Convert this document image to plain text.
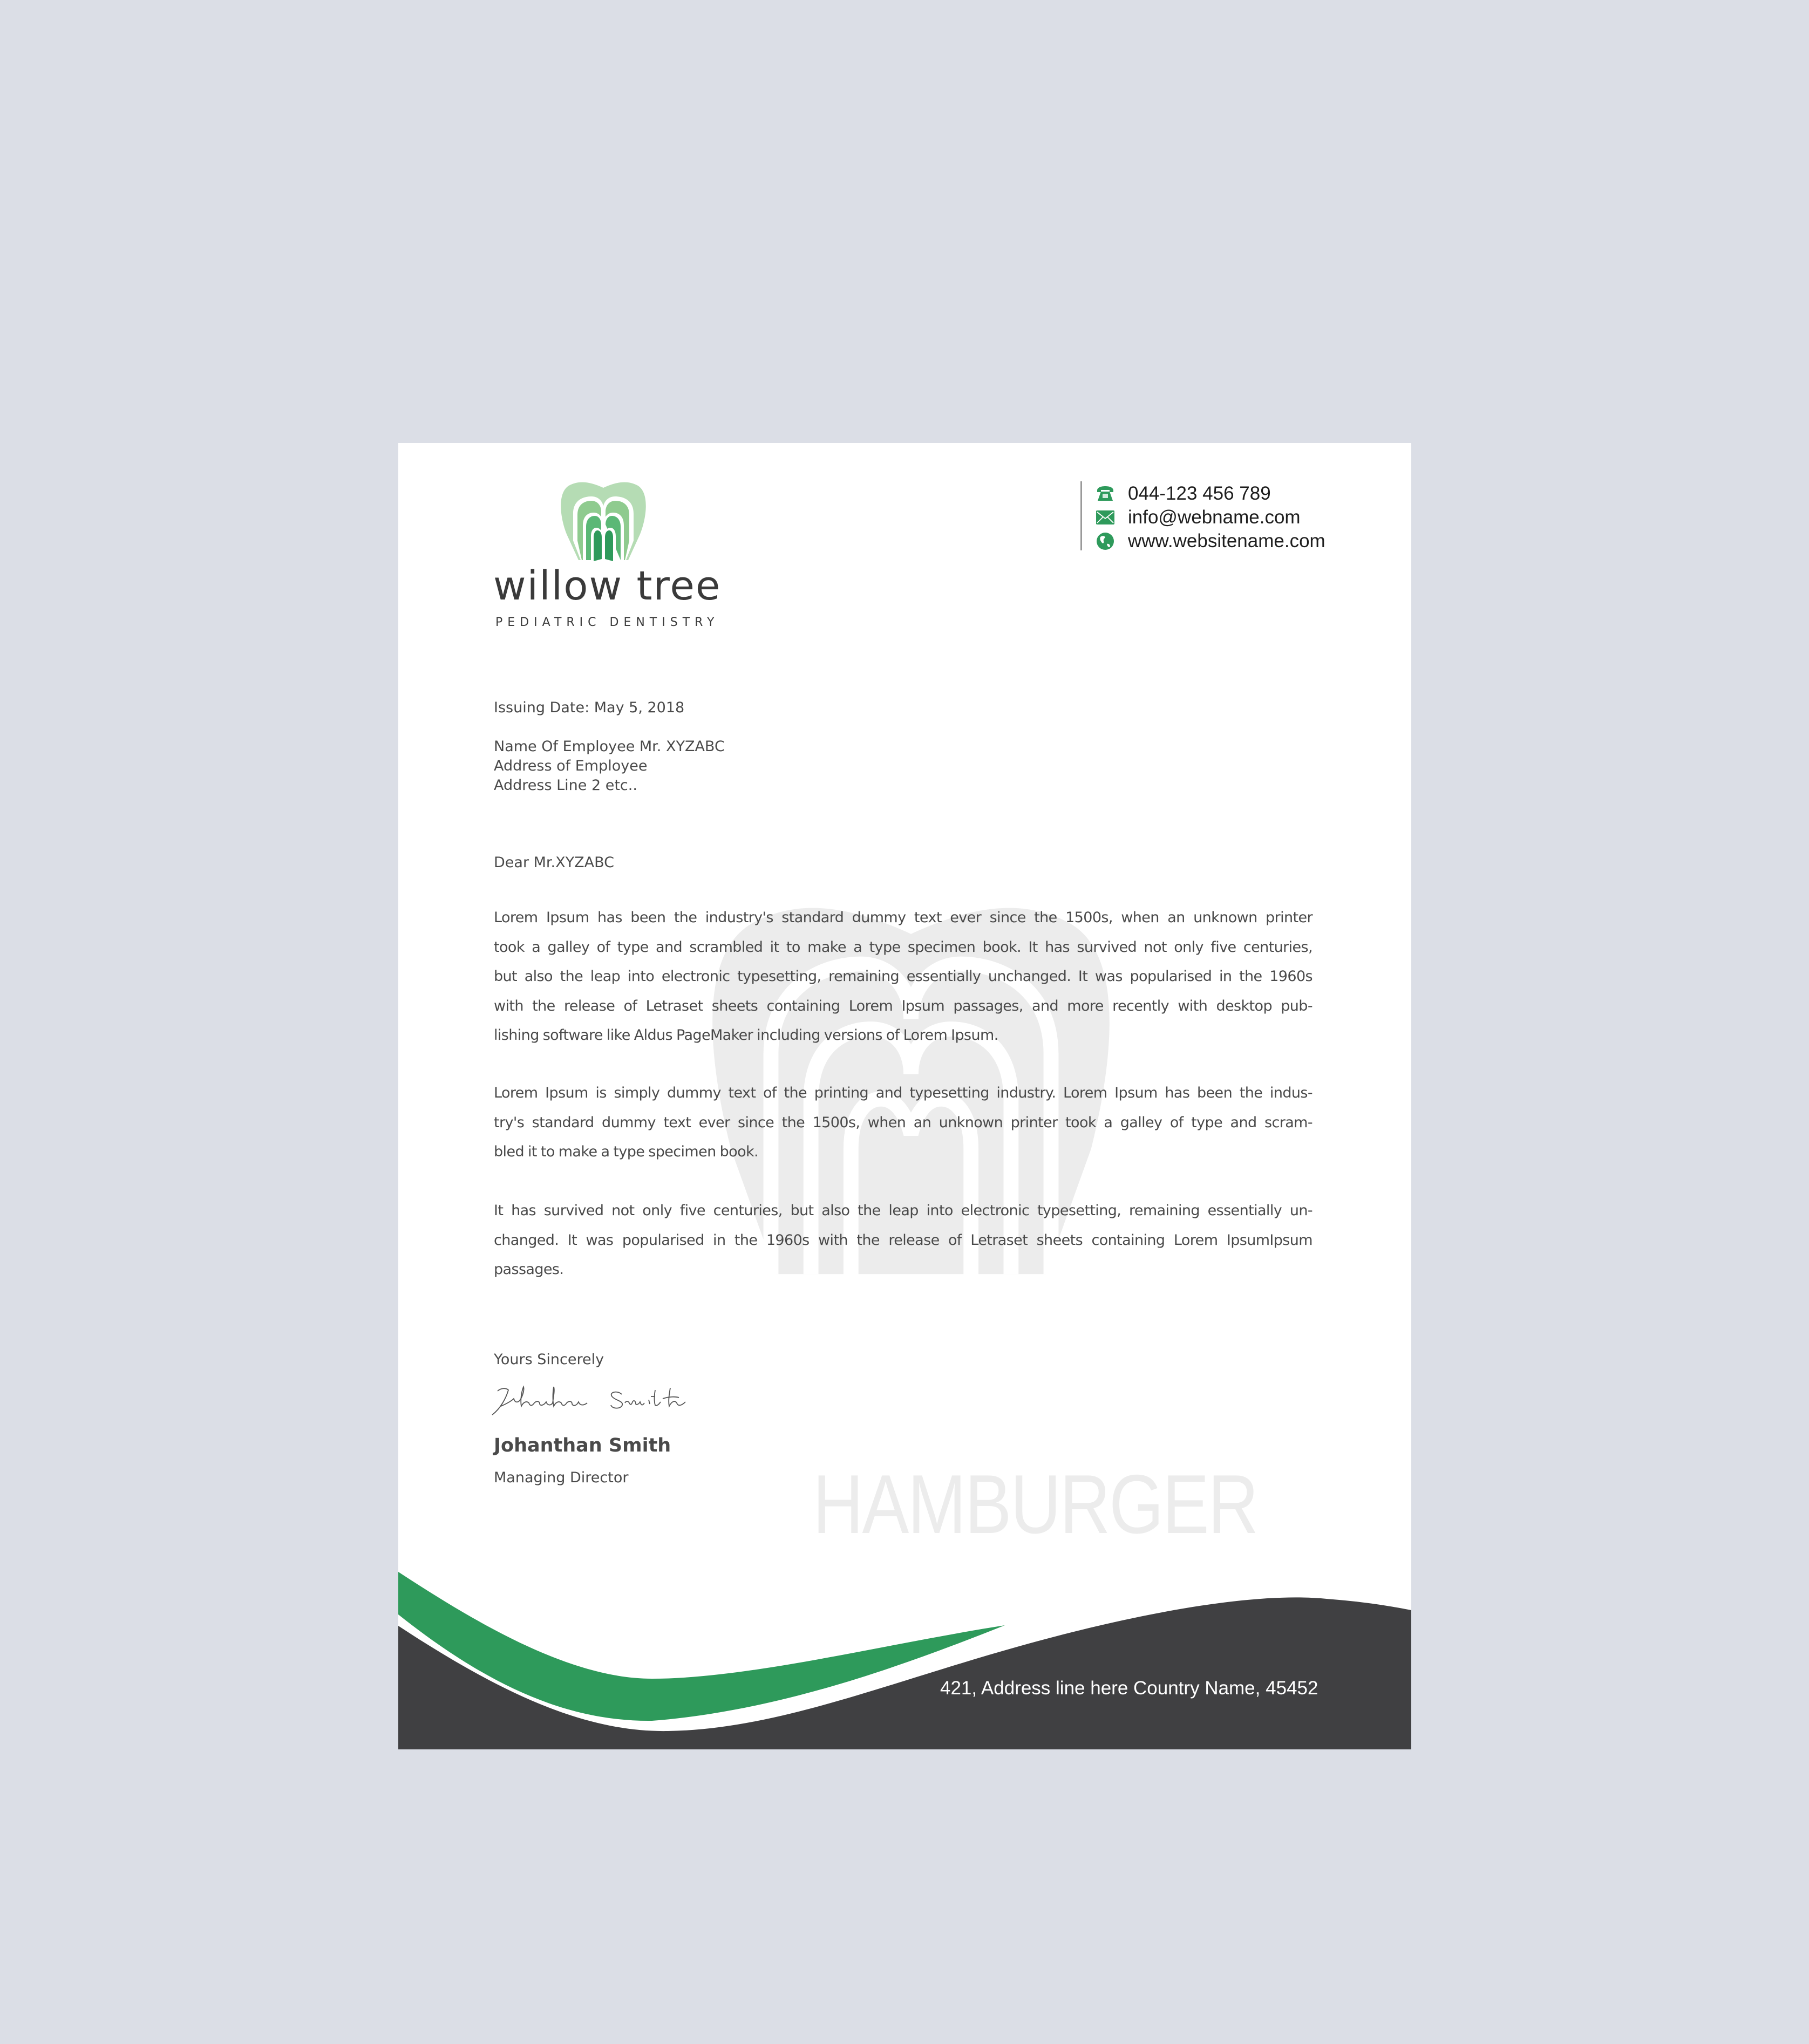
HAMBURGER
willow tree
PEDIATRIC DENTISTRY
044-123 456 789
info@webname.com
www.websitename.com
Issuing Date: May 5, 2018
Name Of Employee Mr. XYZABC
Address of Employee
Address Line 2 etc..
Dear Mr.XYZABC
Lorem Ipsum has been the industry's standard dummy text ever since the 1500s, when an unknown printer
took a galley of type and scrambled it to make a type specimen book. It has survived not only five centuries,
but also the leap into electronic typesetting, remaining essentially unchanged. It was popularised in the 1960s
with the release of Letraset sheets containing Lorem Ipsum passages, and more recently with desktop pub-
lishing software like Aldus PageMaker including versions of Lorem Ipsum.
Lorem Ipsum is simply dummy text of the printing and typesetting industry. Lorem Ipsum has been the indus-
try's standard dummy text ever since the 1500s, when an unknown printer took a galley of type and scram-
bled it to make a type specimen book.
It has survived not only five centuries, but also the leap into electronic typesetting, remaining essentially un-
changed. It was popularised in the 1960s with the release of Letraset sheets containing Lorem IpsumIpsum
passages.
Yours Sincerely
Johanthan Smith
Managing Director
421, Address line here Country Name, 45452
